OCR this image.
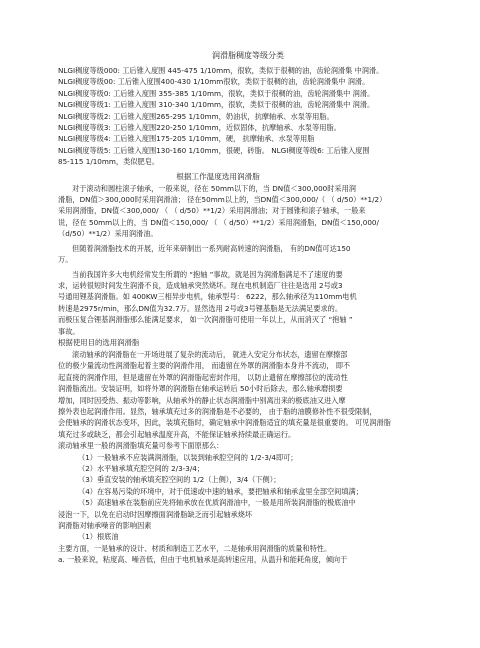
润滑脂稠度等级分类
NLGI稠度等级000: 工后锥入度围 445-475 1/10mm，很软，类似于很稠的油，齿轮润滑集 中润滑。
NLGI稠度等级00: 工后锥入度围400-430 1/10mm很软，类似于很稠的油，齿轮润滑集中 润滑。
NLGI稠度等级0: 工后锥入度围 355-385 1/10mm，很软，类似于很稠的油，齿轮润滑集中 润滑。
NLGI稠度等级1: 工后锥入度围 310-340 1/10mm，很软，类似于很稠的油，齿轮润滑集中 润滑。
NLGI稠度等级2: 工后锥入度围265-295 1/10mm，奶油状，抗摩轴承、水泵等用脂。
NLGI稠度等级3: 工后锥入度围220-250 1/10mm，近似固体，抗摩轴承、水泵等用脂。
NLGI稠度等级4: 工后锥入度围175-205 1/10mm，硬， 抗摩轴承、水泵等用脂
NLGI稠度等级5: 工后锥入度围130-160 1/10mm，很硬，砖脂。 NLGI稠度等级6: 工后锥入度围
85-115 1/10mm，类似肥皂。
根据工作温度选用润滑脂
对于滚动和圆柱滚子轴承，一般来说，径在 50mm以下的，当 DN值＜300,000时采用润
滑脂，DN值＞300,000时采用润滑油； 径在50mm以上的，当DN值＜300,000/（ （ d/50）**1/2）
采用润滑脂，DN值＜300,000/ （ （ d/50）**1/2）采用润滑油；对于圆锥和滚子轴承，一般来
说，径在 50mm以上的，当 DN值＜150,000/ （ （ d/50）**1/2）采用润滑脂，DN值＜150,000/
（d/50）**1/2）采用润滑油。
但随着润滑脂技术的开展，近年来研制出一系列耐高转速的润滑脂， 有的DN值可达150
万。
当前我国许多大电机经常发生所谓的 “抱轴 ”事故，就是因为润滑脂满足不了速度的要
求，运转很短时间发生润滑不良，造成轴承突然烧坏。现在电机制造厂往往是选用 2号或3
号通用锂基润滑脂。如 400KW三相异步电机，轴承型号： 6222，那么轴承径为110mm电机
转速是2975r/min，那么DN值为32.7万。显然选用 2号或3号锂基脂是无法满足要求的。
而极压复合锂基润滑脂那么能满足要求， 如一次润滑脂可使用一年以上，从而消灭了 “抱轴 ”
事故。
根据使用目的选用润滑脂
滚动轴承的润滑脂在一开场进展了复杂的流动后， 就进入安定分布状态，遗留在摩擦部
位的极少量流动性润滑脂起着主要的润滑作用， 而遗留在外罩的润滑脂本身并不流动， 即不
起直接的润滑作用，但是遗留在外罩的润滑脂起密封作用， 以防止遗留在摩擦部位的流动性
润滑脂流出。安装证明，如将外罩的润滑脂在轴承运转后 50小时后除去，那么轴承磨损要
增加，同时因受热、振动等影响，从轴承外的静止状态润滑脂中别离出来的极底油又进入摩
擦外表也起润滑作用。显然，轴承填充过多的润滑脂是不必要的， 由于脂的油膜修补性不很受限制，
会使轴承的润滑状态变坏，因此，装填充脂时，确定轴承中润滑脂适宜的填充量是很重要的。 可见润滑脂
填充过多或缺乏，都会引起轴承温度升高，不能保证轴承持续最正确运行。
滚动轴承里一般的润滑脂填充量可参考下面原那么：
（1）一般轴承不应装满润滑脂，以装到轴承腔空间的 1/2-3/4即可；
（2）水平轴承填充腔空间的 2/3-3/4；
（3）垂直安装的轴承填充腔空间的 1/2（上侧），3/4（下侧）；
（4）在容易污染的环境中，对于低速或中速的轴承，要把轴承和轴承盒里全部空间填满；
（5）高速轴承在装脂前应先将轴承放在优质润滑油中，一般是用所装润滑脂的极底油中
浸泡一下，以免在启动时因摩擦面润滑脂缺乏而引起轴承烧坏
润滑脂对轴承噪音的影响因素
（1）根底油
主要方面，一是轴承的设计、材质和制造工艺水平，二是轴承用润滑脂的质量和特性。
a. 一般来说，粘度高、噪音低，但由于电机轴承是高转速应用，从温升和能耗角度，倾向于
